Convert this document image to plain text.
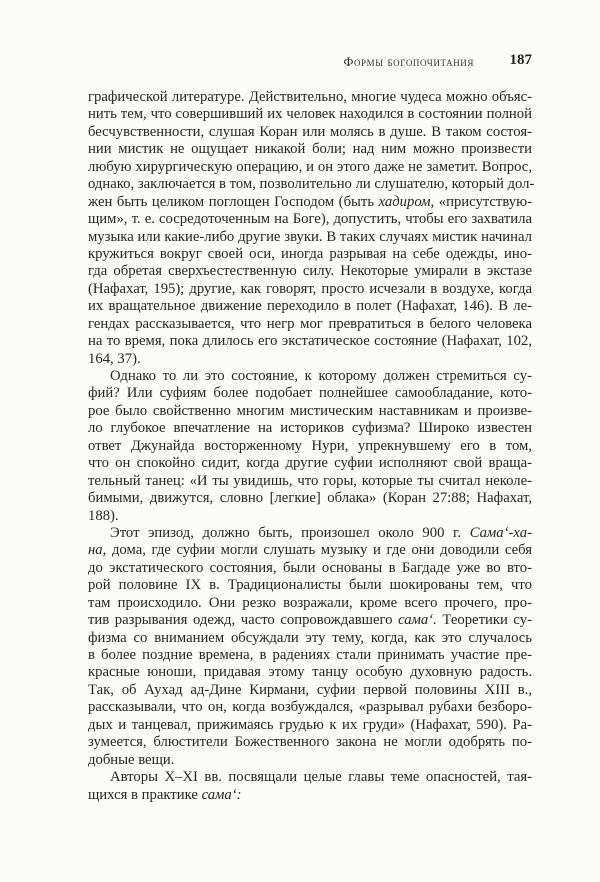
Формы богопочитания 187
графической литературе. Действительно, многие чудеса можно объяс-
нить тем, что совершивший их человек находился в состоянии полной
бесчувственности, слушая Коран или молясь в душе. В таком состоя-
нии мистик не ощущает никакой боли; над ним можно произвести
любую хирургическую операцию, и он этого даже не заметит. Вопрос,
однако, заключается в том, позволительно ли слушателю, который дол-
жен быть целиком поглощен Господом (быть хадиром, «присутствую-
щим», т. е. сосредоточенным на Боге), допустить, чтобы его захватила
музыка или какие-либо другие звуки. В таких случаях мистик начинал
кружиться вокруг своей оси, иногда разрывая на себе одежды, ино-
гда обретая сверхъестественную силу. Некоторые умирали в экстазе
(Нафахат, 195); другие, как говорят, просто исчезали в воздухе, когда
их вращательное движение переходило в полет (Нафахат, 146). В ле-
гендах рассказывается, что негр мог превратиться в белого человека
на то время, пока длилось его экстатическое состояние (Нафахат, 102,
164, 37).
Однако то ли это состояние, к которому должен стремиться су-
фий? Или суфиям более подобает полнейшее самообладание, кото-
рое было свойственно многим мистическим наставникам и произве-
ло глубокое впечатление на историков суфизма? Широко известен
ответ Джунайда восторженному Нури, упрекнувшему его в том,
что он спокойно сидит, когда другие суфии исполняют свой враща-
тельный танец: «И ты увидишь, что горы, которые ты считал неколе-
бимыми, движутся, словно [легкие] облака» (Коран 27:88; Нафахат,
188).
Этот эпизод, должно быть, произошел около 900 г. Сама‘-ха-
на, дома, где суфии могли слушать музыку и где они доводили себя
до экстатического состояния, были основаны в Багдаде уже во вто-
рой половине IX в. Традиционалисты были шокированы тем, что
там происходило. Они резко возражали, кроме всего прочего, про-
тив разрывания одежд, часто сопровождавшего сама‘. Теоретики су-
физма со вниманием обсуждали эту тему, когда, как это случалось
в более поздние времена, в радениях стали принимать участие пре-
красные юноши, придавая этому танцу особую духовную радость.
Так, об Аухад ад-Дине Кирмани, суфии первой половины XIII в.,
рассказывали, что он, когда возбуждался, «разрывал рубахи безборо-
дых и танцевал, прижимаясь грудью к их груди» (Нафахат, 590). Ра-
зумеется, блюстители Божественного закона не могли одобрять по-
добные вещи.
Авторы X–XI вв. посвящали целые главы теме опасностей, тая-
щихся в практике сама‘:
